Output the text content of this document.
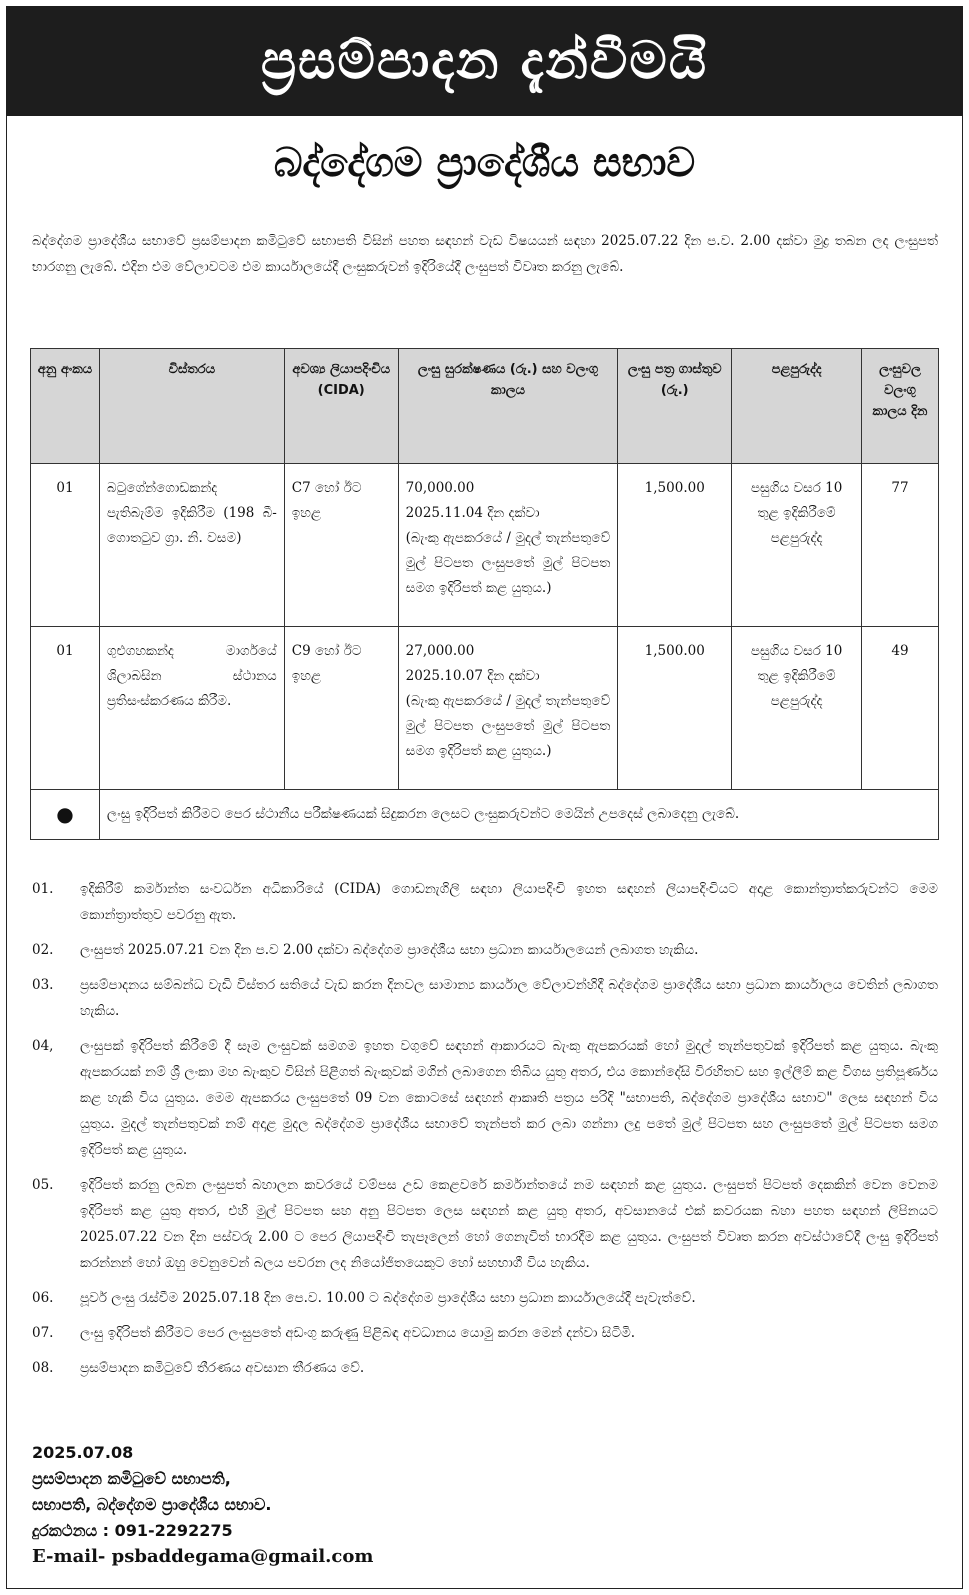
ප්‍රසම්පාදන දැන්වීමයි
බද්දේගම ප්‍රාදේශීය සභාව

බද්දේගම ප්‍රාදේශීය සභාවේ ප්‍රසම්පාදන කමිටුවේ සභාපති විසින් පහත සඳහන් වැඩ විෂයයන් සඳහා 2025.07.22 දින ප.ව. 2.00 දක්වා මුද්‍ර තබන ලද ලංසුපත් භාරගනු ලැබේ. එදින එම වේලාවටම එම කාර්යාලයේදී ලංසුකරුවන් ඉදිරියේදී ලංසුපත් විවෘත කරනු ලැබේ.

අනු අංකය	විස්තරය	අවශ්‍ය ලියාපදිංචිය (CIDA)	ලංසු සුරක්ෂණය (රු.) සහ වලංගු කාලය	ලංසු පත්‍ර ගාස්තුව (රු.)	පළපුරුද්ද	ලංසුවල වලංගු කාලය දින
01	බටුගේන්ගොඩකන්ද පැතිබැම්ම ඉදිකිරීම (198 බී- ගොතටුව ග්‍රා. නි. වසම)	C7 හෝ ඊට ඉහළ	70,000.00
2025.11.04 දින දක්වා
(බැංකු ඇපකරයේ / මුදල් තැන්පතුවේ මුල් පිටපත ලංසුපතේ මුල් පිටපත සමග ඉදිරිපත් කළ යුතුය.)	1,500.00	පසුගිය වසර 10 තුළ ඉදිකිරීමේ පළපුරුද්ද	77
01	ගුළුගහකන්ද මාර්ගයේ ශිලාබසින ස්ථානය ප්‍රතිසංස්කරණය කිරීම.	C9 හෝ ඊට ඉහළ	27,000.00
2025.10.07 දින දක්වා
(බැංකු ඇපකරයේ / මුදල් තැන්පතුවේ මුල් පිටපත ලංසුපතේ මුල් පිටපත සමග ඉදිරිපත් කළ යුතුය.)	1,500.00	පසුගිය වසර 10 තුළ ඉදිකිරීමේ පළපුරුද්ද	49
●	ලංසු ඉදිරිපත් කිරීමට පෙර ස්ථානීය පරීක්ෂණයක් සිදුකරන ලෙසට ලංසුකරුවන්ට මෙයින් උපදෙස් ලබාදෙනු ලැබේ.					
01.	ඉදිකිරීම් කර්මාන්ත සංවර්ධන අධිකාරියේ (CIDA) ගොඩනැගිලි සඳහා ලියාපදිංචි ඉහත සඳහන් ලියාපදිංචියට අදාළ කොන්ත්‍රාත්කරුවන්ට මෙම කොන්ත්‍රාත්තුව පවරනු ඇත.
02.	ලංසුපත් 2025.07.21 වන දින ප.ව 2.00 දක්වා බද්දේගම ප්‍රාදේශීය සභා ප්‍රධාන කාර්යාලයෙන් ලබාගත හැකිය.
03.	ප්‍රසම්පාදනය සම්බන්ධ වැඩි විස්තර සතියේ වැඩ කරන දිනවල සාමාන්‍ය කාර්යාල වේලාවන්හිදී බද්දේගම ප්‍රාදේශීය සභා ප්‍රධාන කාර්යාලය වෙතින් ලබාගත හැකිය.
04,	ලංසුපක් ඉදිරිපත් කිරීමේ දී සෑම ලංසුවක් සමගම ඉහත වගුවේ සඳහන් ආකාරයට බැංකු ඇපකරයක් හෝ මුදල් තැන්පතුවක් ඉදිරිපත් කළ යුතුය. බැංකු ඇපකරයක් නම් ශ්‍රී ලංකා මහ බැංකුව විසින් පිළිගත් බැංකුවක් මගින් ලබාගෙන තිබිය යුතු අතර, එය කොන්දේසි විරහිතව සහ ඉල්ලීම් කළ විගස ප්‍රතිපූර්ණය කළ හැකි විය යුතුය. මෙම ඇපකරය ලංසුපතේ 09 වන කොටසේ සඳහන් ආකෘති පත්‍රය පරිදි "සභාපති, බද්දේගම ප්‍රාදේශීය සභාව" ලෙස සඳහන් විය යුතුය. මුදල් තැන්පතුවක් නම් අදාළ මුදල බද්දේගම ප්‍රාදේශීය සභාවේ තැන්පත් කර ලබා ගන්නා ලදු පතේ මුල් පිටපත සහ ලංසුපතේ මුල් පිටපත සමග ඉදිරිපත් කළ යුතුය.
05.	ඉදිරිපත් කරනු ලබන ලංසුපත් බහාලන කවරයේ වම්පස උඩ කෙළවරේ කර්මාන්තයේ නම සඳහන් කළ යුතුය. ලංසුපත් පිටපත් දෙකකින් වෙන වෙනම ඉදිරිපත් කළ යුතු අතර, එහි මුල් පිටපත සහ අනු පිටපත ලෙස සඳහන් කළ යුතු අතර, අවසානයේ එක් කවරයක බහා පහත සඳහන් ලිපිනයට 2025.07.22 වන දින පස්වරු 2.00 ට පෙර ලියාපදිංචි තැපෑලෙන් හෝ ගෙනැවිත් භාරදීම කළ යුතුය. ලංසුපත් විවෘත කරන අවස්ථාවේදී ලංසු ඉදිරිපත් කරන්නන් හෝ ඔහු වෙනුවෙන් බලය පවරන ලද නියෝජිතයෙකුට හෝ සහභාගී විය හැකිය.
06.	පූර්ව ලංසු රැස්වීම 2025.07.18 දින පෙ.ව. 10.00 ට බද්දේගම ප්‍රාදේශීය සභා ප්‍රධාන කාර්යාලයේදී පැවැත්වේ.
07.	ලංසු ඉදිරිපත් කිරීමට පෙර ලංසුපතේ අඩංගු කරුණු පිළිබඳ අවධානය යොමු කරන මෙන් දන්වා සිටිමි.
08.	ප්‍රසම්පාදන කමිටුවේ තීරණය අවසාන තීරණය වේ.
2025.07.08
ප්‍රසම්පාදන කමිටුවේ සභාපති,
සභාපති, බද්දේගම ප්‍රාදේශීය සභාව.
දුරකථනය : 091-2292275
E-mail- psbaddegama@gmail.com
